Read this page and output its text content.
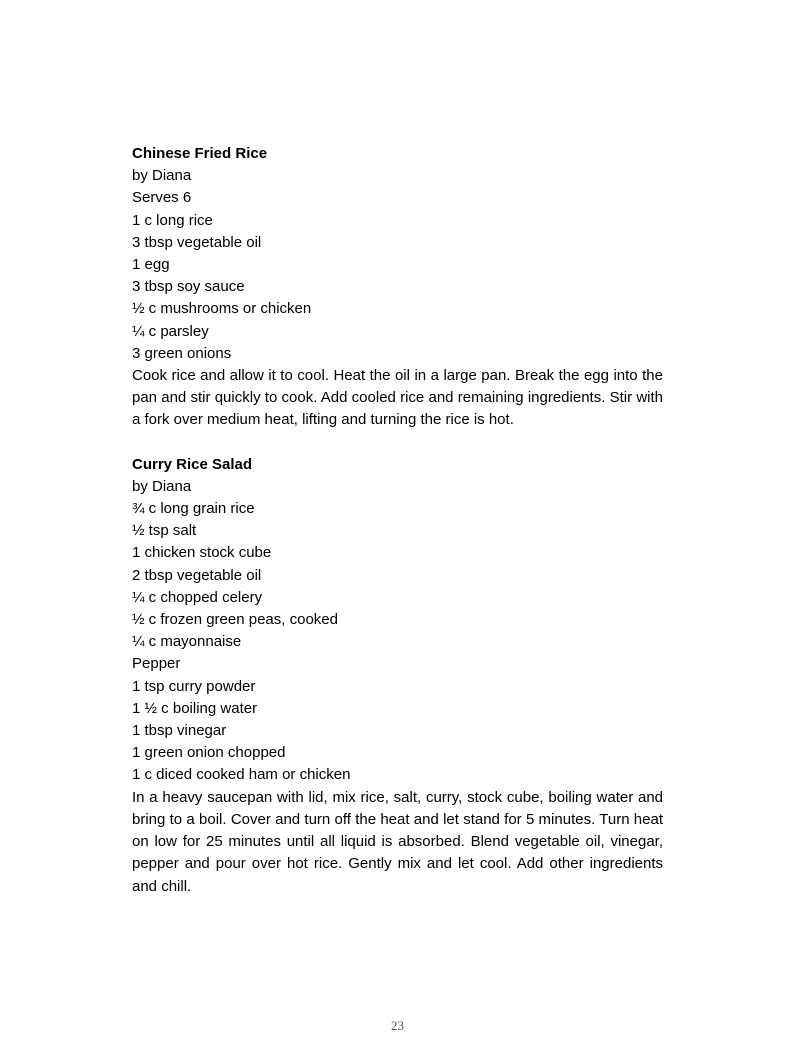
Chinese Fried Rice
by Diana
Serves 6
1 c long rice
3 tbsp vegetable oil
1 egg
3 tbsp soy sauce
½ c mushrooms or chicken
¼ c parsley
3 green onions
Cook rice and allow it to cool. Heat the oil in a large pan. Break the egg into the pan and stir quickly to cook. Add cooled rice and remaining ingredients. Stir with a fork over medium heat, lifting and turning the rice is hot.
Curry Rice Salad
by Diana
¾ c long grain rice
½ tsp salt
1 chicken stock cube
2 tbsp vegetable oil
¼ c chopped celery
½ c frozen green peas, cooked
¼ c mayonnaise
Pepper
1 tsp curry powder
1 ½ c boiling water
1 tbsp vinegar
1 green onion chopped
1 c diced cooked ham or chicken
In a heavy saucepan with lid, mix rice, salt, curry, stock cube, boiling water and bring to a boil. Cover and turn off the heat and let stand for 5 minutes. Turn heat on low for 25 minutes until all liquid is absorbed. Blend vegetable oil, vinegar, pepper and pour over hot rice. Gently mix and let cool. Add other ingredients and chill.
23
